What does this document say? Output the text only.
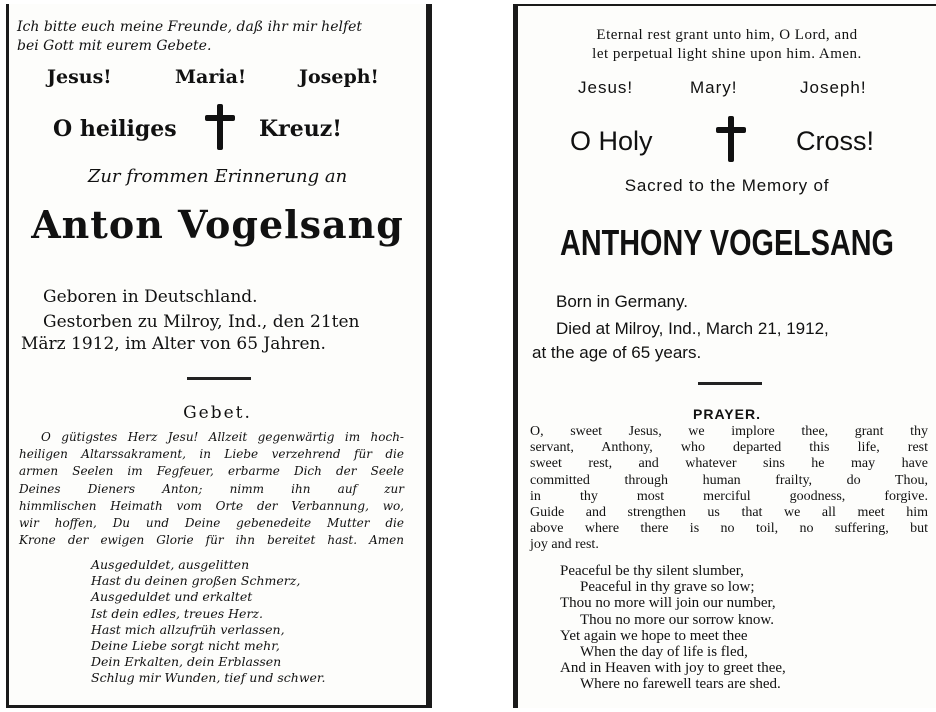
Ich bitte euch meine Freunde, daß ihr mir helfet
bei Gott mit eurem Gebete.
Jesus!	Maria!	Joseph!
O heiliges	Kreuz!
Zur frommen Erinnerung an
Anton Vogelsang
Geboren in Deutschland.
Gestorben zu Milroy, Ind., den 21ten
März 1912, im Alter von 65 Jahren.
Gebet.
O gütigstes Herz Jesu! Allzeit gegenwärtig im hoch-
heiligen Altarssakrament, in Liebe verzehrend für die
armen Seelen im Fegfeuer, erbarme Dich der Seele
Deines Dieners Anton; nimm ihn auf zur
himmlischen Heimath vom Orte der Verbannung, wo,
wir hoffen, Du und Deine gebenedeite Mutter die
Krone der ewigen Glorie für ihn bereitet hast. Amen
Ausgeduldet, ausgelitten
Hast du deinen großen Schmerz,
Ausgeduldet und erkaltet
Ist dein edles, treues Herz.
Hast mich allzufrüh verlassen,
Deine Liebe sorgt nicht mehr,
Dein Erkalten, dein Erblassen
Schlug mir Wunden, tief und schwer.
Eternal rest grant unto him, O Lord, and
let perpetual light shine upon him. Amen.
Jesus!	Mary!	Joseph!
O Holy	Cross!
Sacred to the Memory of
ANTHONY VOGELSANG
Born in Germany.
Died at Milroy, Ind., March 21, 1912,
at the age of 65 years.
PRAYER.
O, sweet Jesus, we implore thee, grant thy
servant, Anthony, who departed this life, rest
sweet rest, and whatever sins he may have
committed through human frailty, do Thou,
in thy most merciful goodness, forgive.
Guide and strengthen us that we all meet him
above where there is no toil, no suffering, but
joy and rest.
Peaceful be thy silent slumber,
Peaceful in thy grave so low;
Thou no more will join our number,
Thou no more our sorrow know.
Yet again we hope to meet thee
When the day of life is fled,
And in Heaven with joy to greet thee,
Where no farewell tears are shed.
